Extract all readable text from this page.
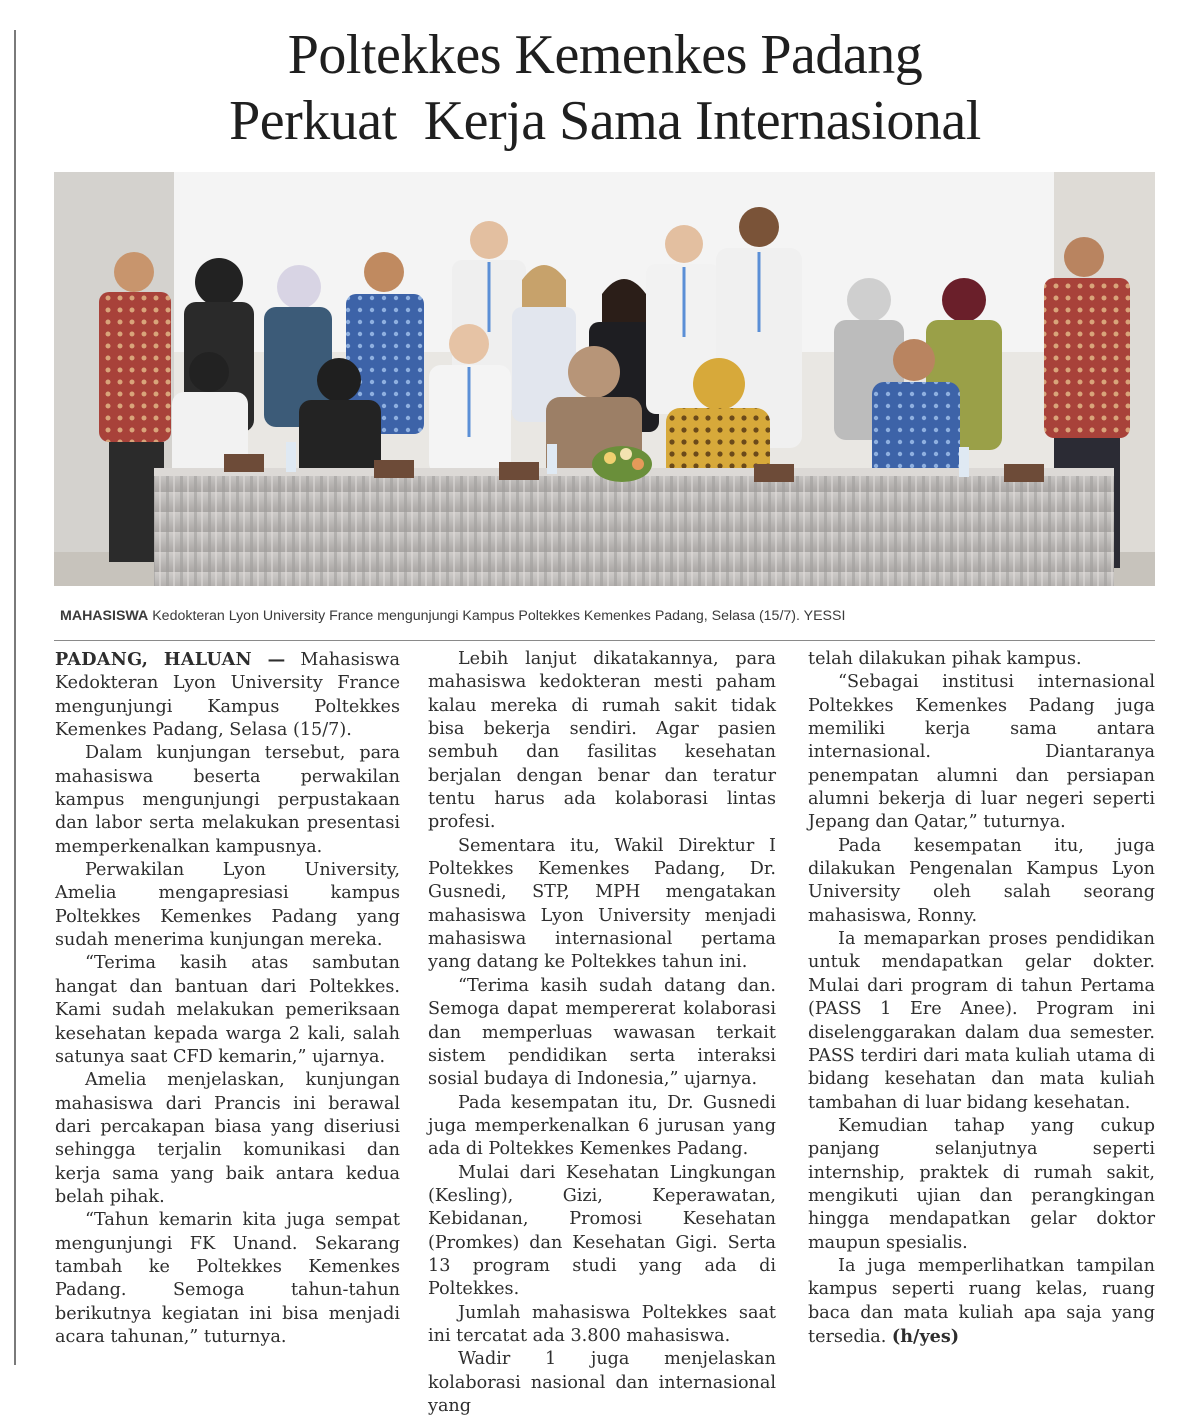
Poltekkes Kemenkes Padang
Perkuat  Kerja Sama Internasional
MAHASISWA Kedokteran Lyon University France mengunjungi Kampus Poltekkes Kemenkes Padang, Selasa (15/7). YESSI

PADANG, HALUAN — Mahasiswa Kedokteran Lyon University France mengunjungi Kampus Poltekkes Kemenkes Padang, Selasa (15/7).

Dalam kunjungan tersebut, para mahasiswa beserta perwakilan kampus mengunjungi perpustakaan dan labor serta melakukan presentasi memperkenalkan kampusnya.

Perwakilan Lyon University, Amelia mengapresiasi kampus Poltekkes Kemenkes Padang yang sudah menerima kunjungan mereka.

“Terima kasih atas sambutan hangat dan bantuan dari Poltekkes. Kami sudah melakukan pemeriksaan kesehatan kepada warga 2 kali, salah satunya saat CFD kemarin,” ujarnya.

Amelia menjelaskan, kunjungan mahasiswa dari Prancis ini berawal dari percakapan biasa yang diseriusi sehingga terjalin komunikasi dan kerja sama yang baik antara kedua belah pihak.

“Tahun kemarin kita juga sempat mengunjungi FK Unand. Sekarang tambah ke Poltekkes Kemenkes Padang. Semoga tahun-tahun berikutnya kegiatan ini bisa menjadi acara tahunan,” tuturnya.

Lebih lanjut dikatakannya, para mahasiswa kedokteran mesti paham kalau mereka di rumah sakit tidak bisa bekerja sendiri. Agar pasien sembuh dan fasilitas kesehatan berjalan dengan benar dan teratur tentu harus ada kolaborasi lintas profesi.

Sementara itu, Wakil Direktur I Poltekkes Kemenkes Padang, Dr. Gusnedi, STP, MPH mengatakan mahasiswa Lyon University menjadi mahasiswa internasional pertama yang datang ke Poltekkes tahun ini.

“Terima kasih sudah datang dan. Semoga dapat mempererat kolaborasi dan memperluas wawasan terkait sistem pendidikan serta interaksi sosial budaya di Indonesia,” ujarnya.

Pada kesempatan itu, Dr. Gusnedi juga memperkenalkan 6 jurusan yang ada di Poltekkes Kemenkes Padang.

Mulai dari Kesehatan Lingkungan (Kesling), Gizi, Keperawatan, Kebidanan, Promosi Kesehatan (Promkes) dan Kesehatan Gigi. Serta 13 program studi yang ada di Poltekkes.

Jumlah mahasiswa Poltekkes saat ini tercatat ada 3.800 mahasiswa.

Wadir 1 juga menjelaskan kolaborasi nasional dan internasional yang

telah dilakukan pihak kampus.

“Sebagai institusi internasional Poltekkes Kemenkes Padang juga memiliki kerja sama antara internasional. Diantaranya penempatan alumni dan persiapan alumni bekerja di luar negeri seperti Jepang dan Qatar,” tuturnya.

Pada kesempatan itu, juga dilakukan Pengenalan Kampus Lyon University oleh salah seorang mahasiswa, Ronny.

Ia memaparkan proses pendidikan untuk mendapatkan gelar dokter. Mulai dari program di tahun Pertama (PASS 1 Ere Anee). Program ini diselenggarakan dalam dua semester. PASS terdiri dari mata kuliah utama di bidang kesehatan dan mata kuliah tambahan di luar bidang kesehatan.

Kemudian tahap yang cukup panjang selanjutnya seperti internship, praktek di rumah sakit, mengikuti ujian dan perangkingan hingga mendapatkan gelar doktor maupun spesialis.

Ia juga memperlihatkan tampilan kampus seperti ruang kelas, ruang baca dan mata kuliah apa saja yang tersedia. (h/yes)
